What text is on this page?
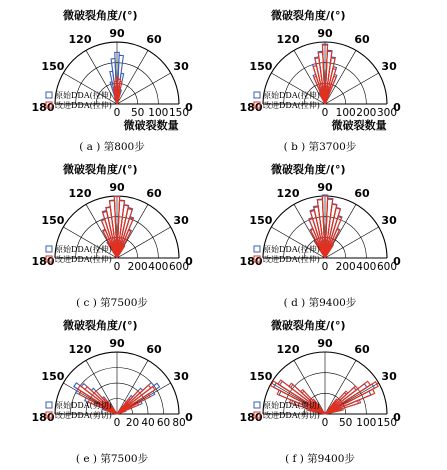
0
30
60
90
120
150
180	0 50 100 150
微破裂角度/(°)
微破裂数量
原始DDA(拉伸)
改进DDA(拉伸)
( a ) 第800步
0
30
60
90
120
150
180	0 100 200 300
微破裂角度/(°)
微破裂数量
原始DDA(拉伸)
改进DDA(拉伸)
( b ) 第3700步
0
30
60
90
120
150
180	0 200 400 600
微破裂角度/(°)
原始DDA(拉伸)
改进DDA(拉伸)
( c ) 第7500步
0
30
60
90
120
150
180	0 200 400 600
微破裂角度/(°)
原始DDA(拉伸)
改进DDA(拉伸)
( d ) 第9400步
0
30
60
90
120
150
180	0 20 40 60 80
微破裂角度/(°)
原始DDA(剪切)
改进DDA(剪切)
( e ) 第7500步
0
30
60
90
120
150
180	0 50 100 150
微破裂角度/(°)
原始DDA(剪切)
改进DDA(剪切)
( f ) 第9400步
